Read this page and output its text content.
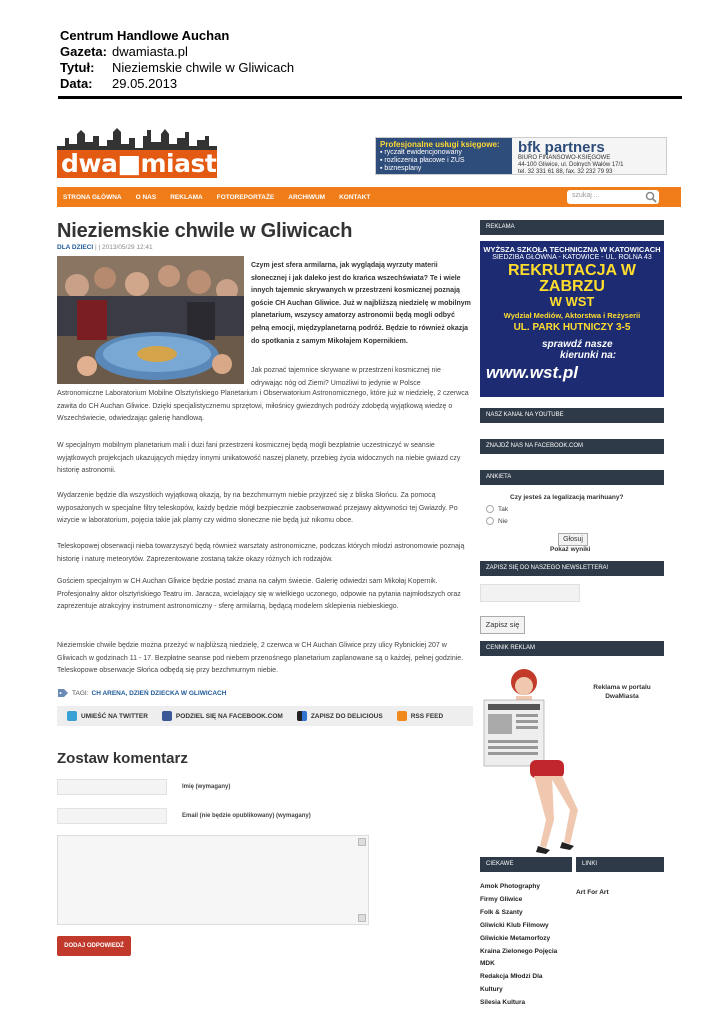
Centrum Handlowe Auchan
Gazeta: dwamiasta.pl
Tytuł:	Nieziemskie chwile w Gliwicach
Data:	29.05.2013
dwa■miasta
Profesjonalne usługi księgowe:
▪ ryczałt ewidencjonowany
▪ rozliczenia płacowe i ZUS
▪ biznesplany
bfk partners
BIURO FINANSOWO-KSIĘGOWE
44-100 Gliwice, ul. Dolnych Wałów 17/1
tel. 32 331 61 88, fax. 32 232 79 93
STRONA GŁÓWNA	O NAS	REKLAMA	FOTOREPORTAŻE	ARCHIWUM	KONTAKT	szukaj ...
Nieziemskie chwile w Gliwicach
DLA DZIECI | | 2013/05/29 12:41
Czym jest sfera armilarna, jak wyglądają wyrzuty materii słonecznej i jak daleko jest do krańca wszechświata? Te i wiele innych tajemnic skrywanych w przestrzeni kosmicznej poznają goście CH Auchan Gliwice. Już w najbliższą niedzielę w mobilnym planetarium, wszyscy amatorzy astronomii będą mogli odbyć pełną emocji, międzyplanetarną podróż. Będzie to również okazja do spotkania z samym Mikołajem Kopernikiem.
Jak poznać tajemnice skrywane w przestrzeni kosmicznej nie odrywając nóg od Ziemi? Umożliwi to jedynie w Polsce
Astronomiczne Laboratorium Mobilne Olsztyńskiego Planetarium i Obserwatorium Astronomicznego, które już w niedzielę, 2 czerwca zawita do CH Auchan Gliwice. Dzięki specjalistycznemu sprzętowi, miłośnicy gwiezdnych podróży zdobędą wyjątkową wiedzę o Wszechświecie, odwiedzając galerię handlową.
W specjalnym mobilnym planetarium mali i duzi fani przestrzeni kosmicznej będą mogli bezpłatnie uczestniczyć w seansie wyjątkowych projekcjach ukazujących między innymi unikatowość naszej planety, przebieg życia widocznych na niebie gwiazd czy historię astronomii.
Wydarzenie będzie dla wszystkich wyjątkową okazją, by na bezchmurnym niebie przyjrzeć się z bliska Słońcu. Za pomocą wyposażonych w specjalne filtry teleskopów, każdy będzie mógł bezpiecznie zaobserwować przejawy aktywności tej Gwiazdy. Po wizycie w laboratorium, pojęcia takie jak plamy czy widmo słoneczne nie będą już nikomu obce.
Teleskopowej obserwacji nieba towarzyszyć będą również warsztaty astronomiczne, podczas których młodzi astronomowie poznają historię i naturę meteorytów. Zaprezentowane zostaną także okazy różnych ich rodzajów.
Gościem specjalnym w CH Auchan Gliwice będzie postać znana na całym świecie. Galerię odwiedzi sam Mikołaj Kopernik. Profesjonalny aktor olsztyńskiego Teatru im. Jaracza, wcielający się w wielkiego uczonego, odpowie na pytania najmłodszych oraz zaprezentuje atrakcyjny instrument astronomiczny - sferę armilarną, będącą modelem sklepienia niebieskiego.
Nieziemskie chwile będzie można przeżyć w najbliższą niedzielę, 2 czerwca w CH Auchan Gliwice przy ulicy Rybnickiej 207 w Gliwicach w godzinach 11 - 17. Bezpłatne seanse pod niebem przenośnego planetarium zaplanowane są o każdej, pełnej godzinie. Teleskopowe obserwacje Słońca odbędą się przy bezchmurnym niebie.
TAGI: CH ARENA, DZIEŃ DZIECKA W GLIWICACH
UMIEŚĆ NA TWITTER	PODZIEL SIĘ NA FACEBOOK.COM	ZAPISZ DO DELICIOUS	RSS FEED
Zostaw komentarz
Imię (wymagany)
Email (nie będzie opublikowany) (wymagany)
DODAJ ODPOWIEDŹ
REKLAMA
WYŻSZA SZKOŁA TECHNICZNA W KATOWICACH
SIEDZIBA GŁÓWNA - KATOWICE - UL. ROLNA 43
REKRUTACJA W ZABRZU
W WST
Wydział Mediów, Aktorstwa i Reżyserii
UL. PARK HUTNICZY 3-5
sprawdź nasze
kierunki na:
www.wst.pl
NASZ KANAŁ NA YOUTUBE
ZNAJDŹ NAS NA FACEBOOK.COM
ANKIETA
Czy jesteś za legalizacją marihuany?
Tak
Nie
Głosuj
Pokaż wyniki
ZAPISZ SIĘ DO NASZEGO NEWSLETTERA!
Zapisz się
CENNIK REKLAM
Reklama w portalu DwaMiasta
CIEKAWE	LINKI
Amok Photography
Firmy Gliwice
Folk & Szanty
Gliwicki Klub Filmowy
Gliwickie Metamorfozy
Kraina Zielonego Pojęcia
MDK
Redakcja Młodzi Dla
Kultury
Silesia Kultura
Art For Art
